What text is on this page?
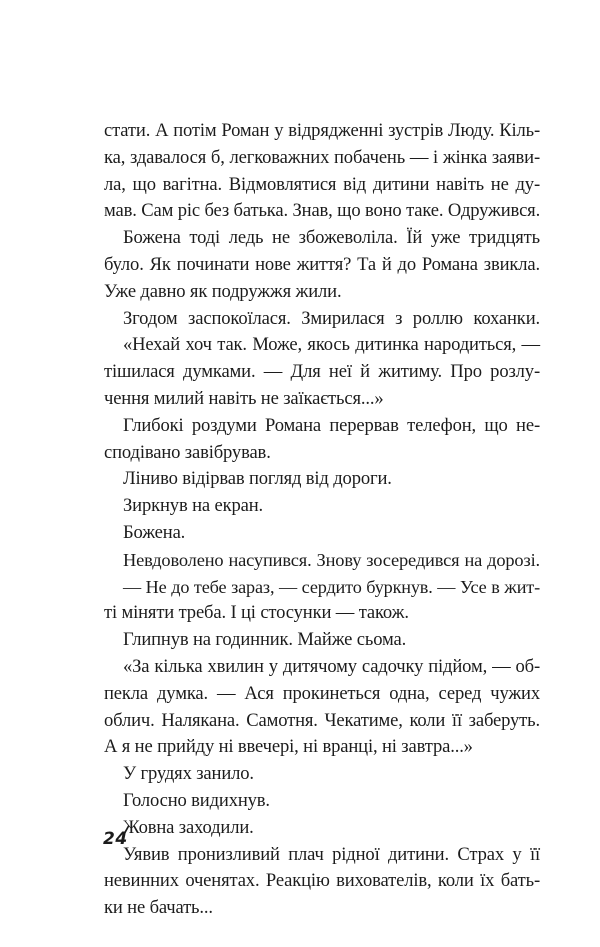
стати. А потім Роман у відрядженні зустрів Люду. Кіль-
ка, здавалося б, легковажних побачень — і жінка заяви-
ла, що вагітна. Відмовлятися від дитини навіть не ду-
мав. Сам ріс без батька. Знав, що воно таке. Одружився.
Божена тоді ледь не збожеволіла. Їй уже тридцять
було. Як починати нове життя? Та й до Романа звикла.
Уже давно як подружжя жили.
Згодом заспокоїлася. Змирилася з роллю коханки.
«Нехай хоч так. Може, якось дитинка народиться, —
тішилася думками. — Для неї й житиму. Про розлу-
чення милий навіть не заїкається...»
Глибокі роздуми Романа перервав телефон, що не-
сподівано завібрував.
Ліниво відірвав погляд від дороги.
Зиркнув на екран.
Божена.
Невдоволено насупився. Знову зосередився на дорозі.
— Не до тебе зараз, — сердито буркнув. — Усе в жит-
ті міняти треба. І ці стосунки — також.
Глипнув на годинник. Майже сьома.
«За кілька хвилин у дитячому садочку підйом, — об-
пекла думка. — Ася прокинеться одна, серед чужих
облич. Налякана. Самотня. Чекатиме, коли її заберуть.
А я не прийду ні ввечері, ні вранці, ні завтра...»
У грудях занило.
Голосно видихнув.
Жовна заходили.
Уявив пронизливий плач рідної дитини. Страх у її
невинних оченятах. Реакцію вихователів, коли їх бать-
ки не бачать...
24
